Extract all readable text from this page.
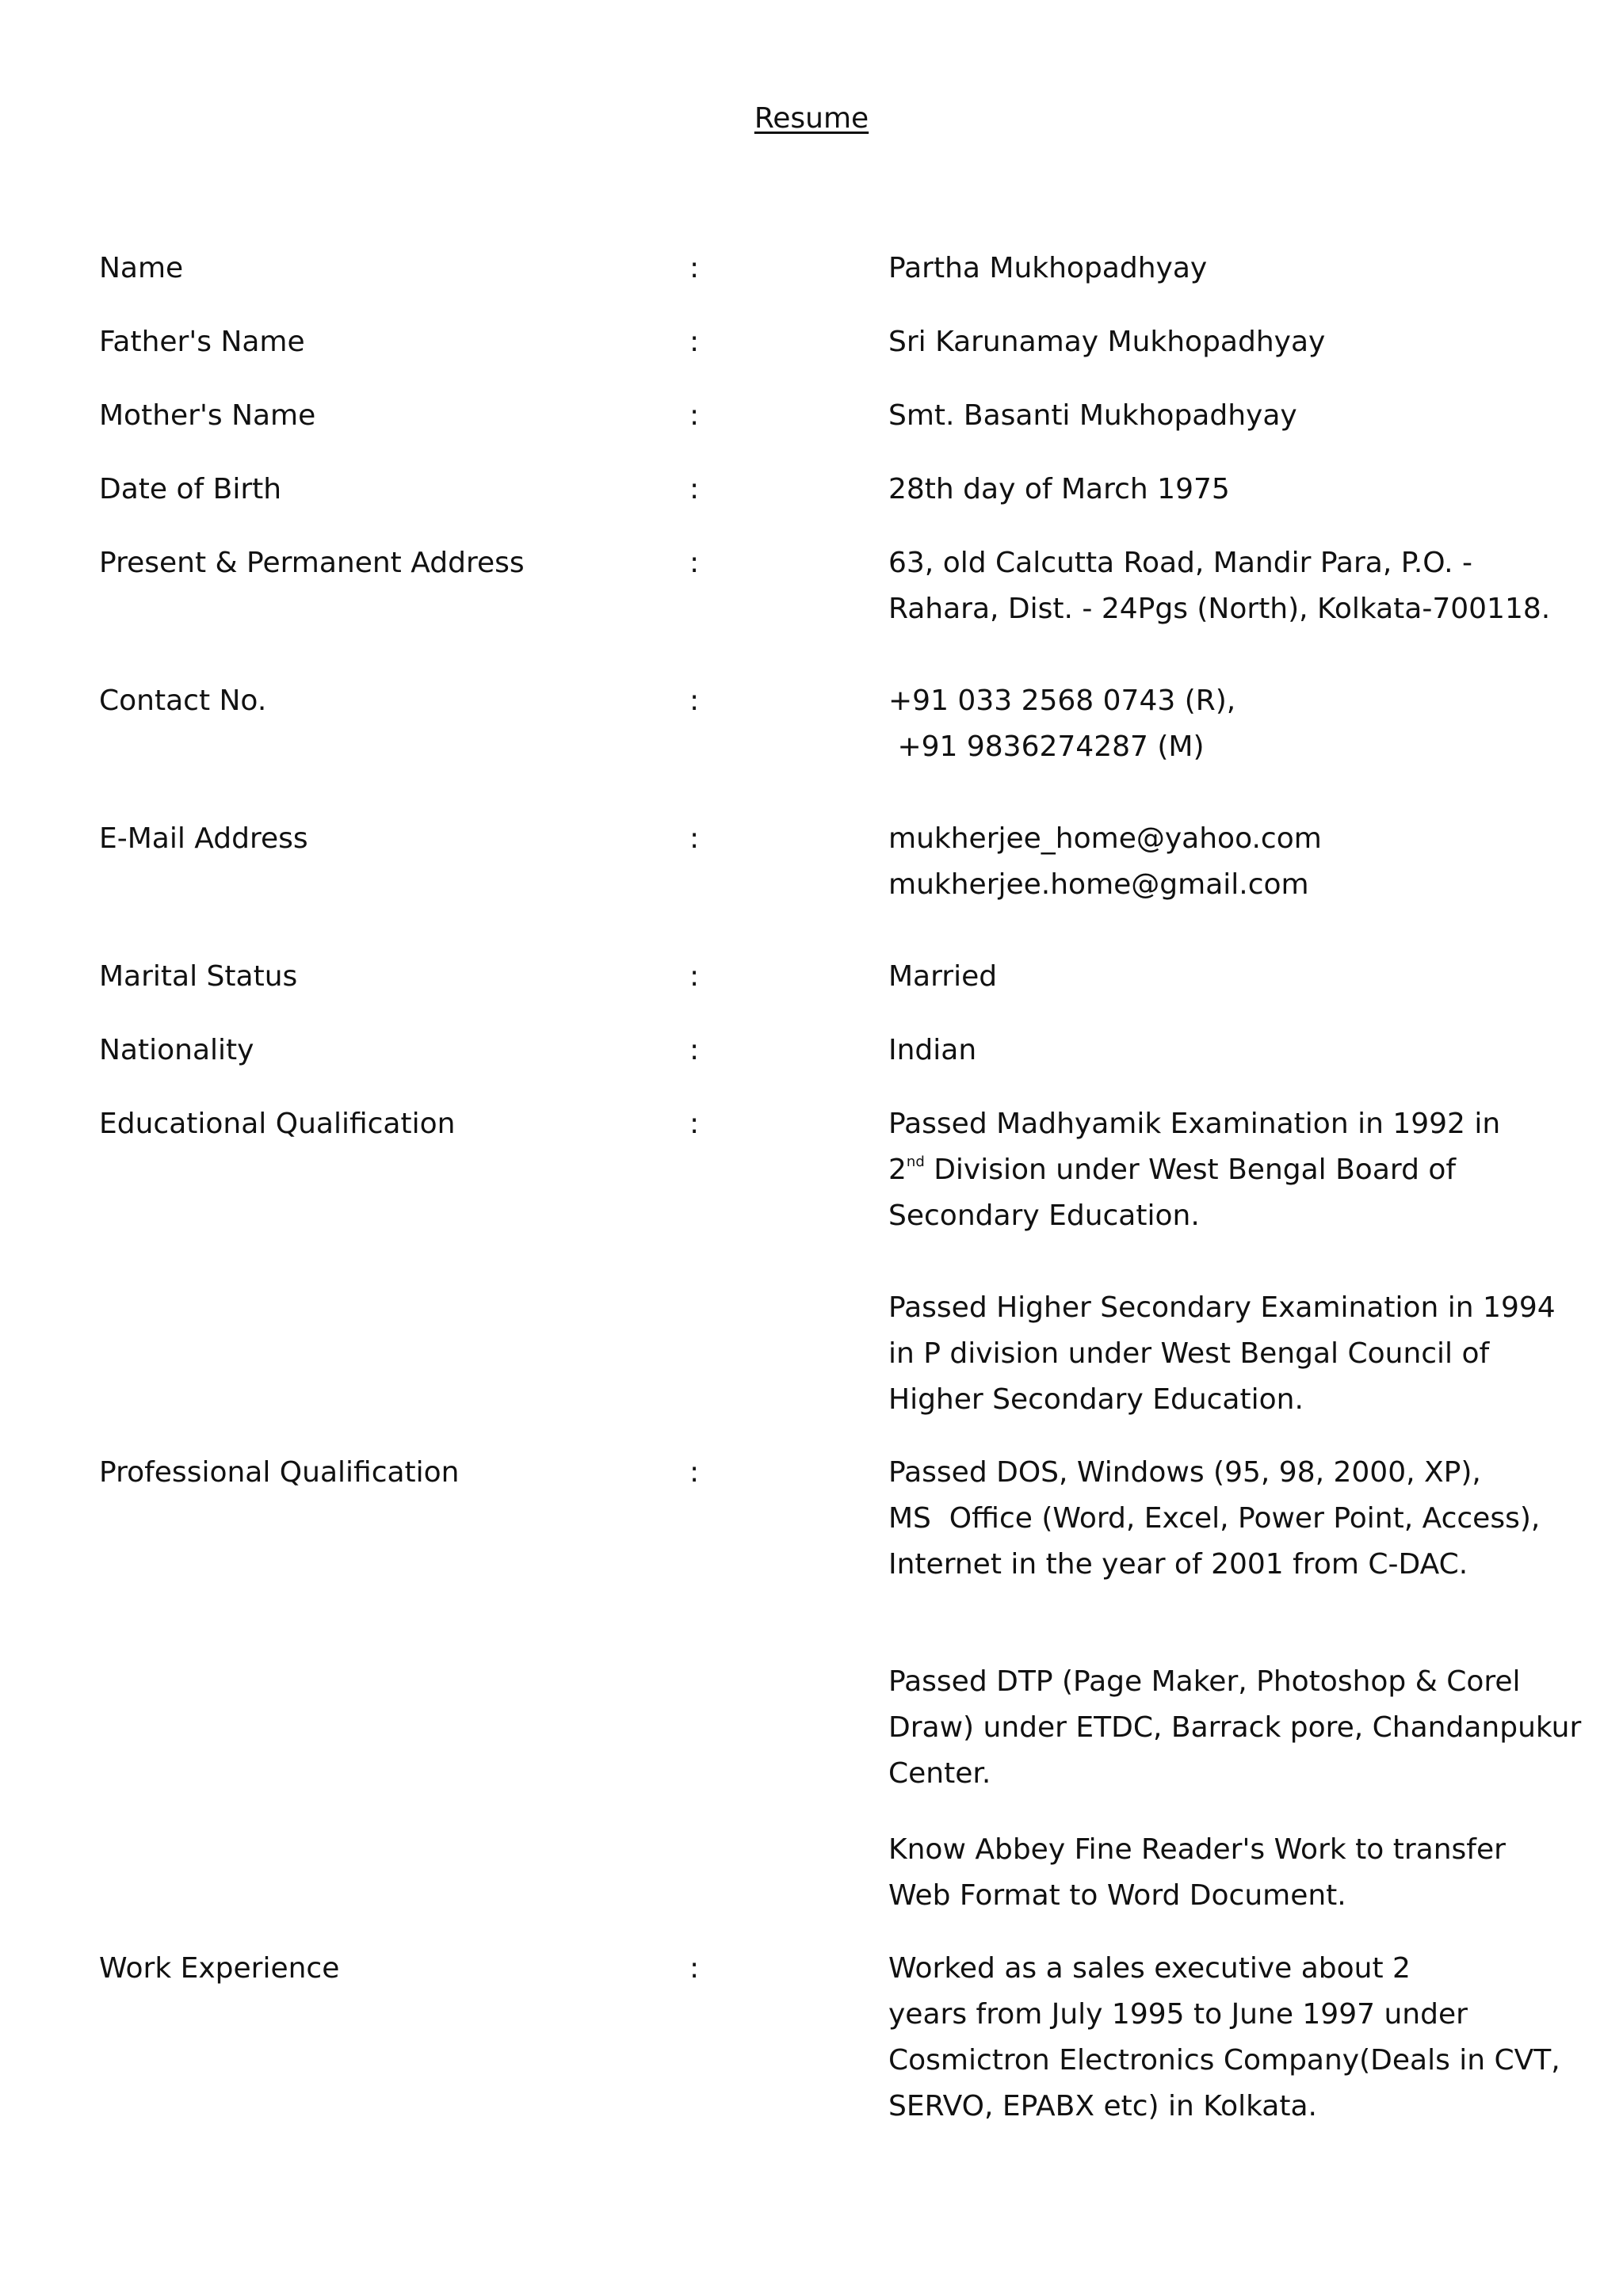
Resume
Name	:	Partha Mukhopadhyay
Father's Name	:	Sri Karunamay Mukhopadhyay
Mother's Name	:	Smt. Basanti Mukhopadhyay
Date of Birth	:	28th day of March 1975
Present & Permanent Address	:	63, old Calcutta Road, Mandir Para, P.O. -
Rahara, Dist. - 24Pgs (North), Kolkata-700118.
Contact No.	:	+91 033 2568 0743 (R),
+91 9836274287 (M)
E-Mail Address	:	mukherjee_home@yahoo.com
mukherjee.home@gmail.com
Marital Status	:	Married
Nationality	:	Indian
Educational Qualification	:	Passed Madhyamik Examination in 1992 in
2nd Division under West Bengal Board of
Secondary Education.
Passed Higher Secondary Examination in 1994
in P division under West Bengal Council of
Higher Secondary Education.
Professional Qualification	:	Passed DOS, Windows (95, 98, 2000, XP),
MS  Office (Word, Excel, Power Point, Access),
Internet in the year of 2001 from C-DAC.
Passed DTP (Page Maker, Photoshop & Corel
Draw) under ETDC, Barrack pore, Chandanpukur
Center.
Know Abbey Fine Reader's Work to transfer
Web Format to Word Document.
Work Experience	:	Worked as a sales executive about 2
years from July 1995 to June 1997 under
Cosmictron Electronics Company(Deals in CVT,
SERVO, EPABX etc) in Kolkata.
